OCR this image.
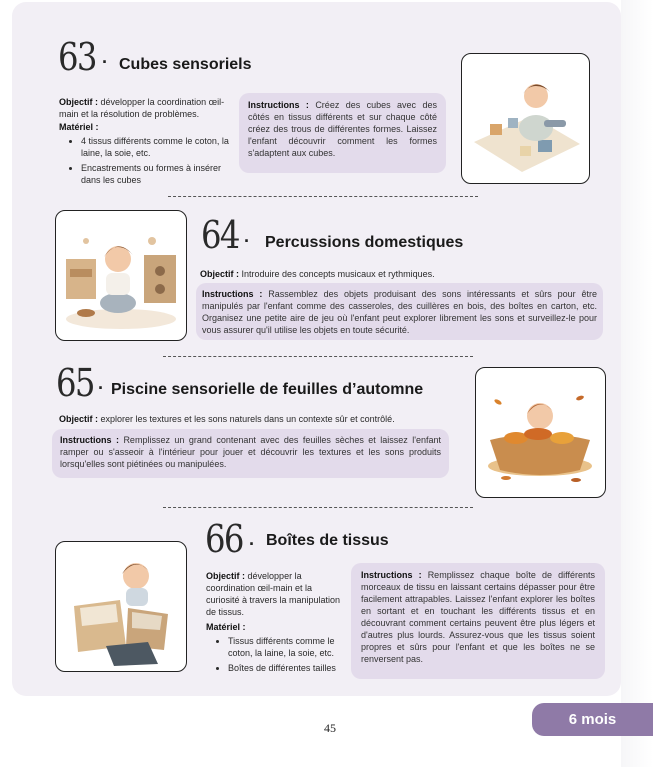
63 · Cubes sensoriels
Objectif : développer la coordination œil-main et la résolution de problèmes.
Matériel :
• 4 tissus différents comme le coton, la laine, la soie, etc.
• Encastrements ou formes à insérer dans les cubes
Instructions : Créez des cubes avec des côtés en tissus différents et sur chaque côté créez des trous de différentes formes. Laissez l'enfant découvrir comment les formes s'adaptent aux cubes.
64 · Percussions domestiques
Objectif : Introduire des concepts musicaux et rythmiques.
Instructions : Rassemblez des objets produisant des sons intéressants et sûrs pour être manipulés par l'enfant comme des casseroles, des cuillères en bois, des boîtes en carton, etc. Organisez une petite aire de jeu où l'enfant peut explorer librement les sons et surveillez-le pour vous assurer qu'il utilise les objets en toute sécurité.
65 · Piscine sensorielle de feuilles d’automne
Objectif : explorer les textures et les sons naturels dans un contexte sûr et contrôlé.
Instructions : Remplissez un grand contenant avec des feuilles sèches et laissez l'enfant ramper ou s'asseoir à l'intérieur pour jouer et découvrir les textures et les sons produits lorsqu'elles sont piétinées ou manipulées.
66 · Boîtes de tissus
Objectif : développer la coordination œil-main et la curiosité à travers la manipulation de tissus.
Matériel :
• Tissus différents comme le coton, la laine, la soie, etc.
• Boîtes de différentes tailles
Instructions : Remplissez chaque boîte de différents morceaux de tissu en laissant certains dépasser pour être facilement attrapables. Laissez l'enfant explorer les boîtes en sortant et en touchant les différents tissus et en découvrant comment certains peuvent être plus légers et d'autres plus lourds. Assurez-vous que les tissus soient propres et sûrs pour l'enfant et que les boîtes ne se renversent pas.
45	6 mois
